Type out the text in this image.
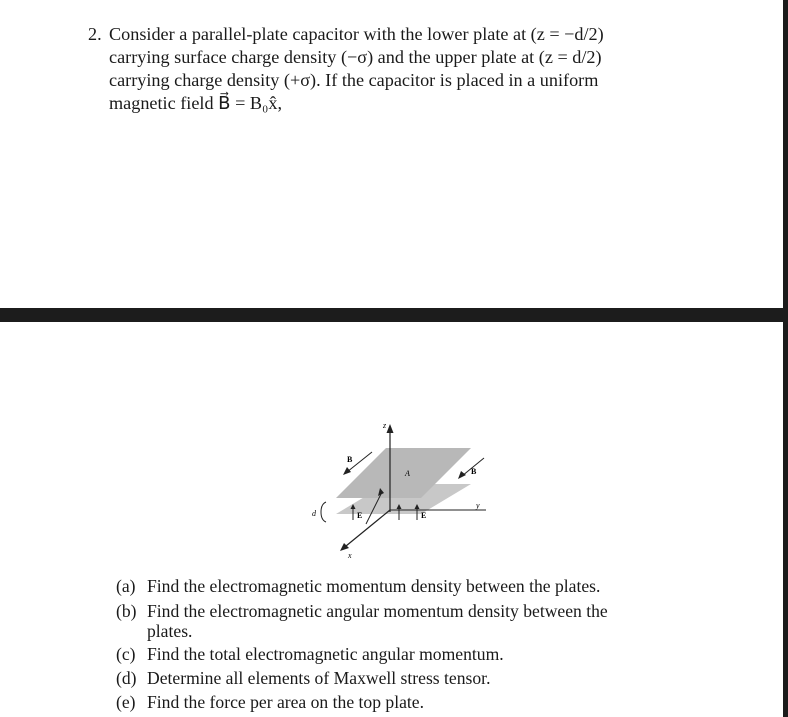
2. Consider a parallel-plate capacitor with the lower plate at (z = −d/2)
carrying surface charge density (−σ) and the upper plate at (z = d/2)
carrying charge density (+σ). If the capacitor is placed in a uniform
magnetic field B⃗ = B₀x̂,
z
y
x
B
B
A
E	E
d
(a) Find the electromagnetic momentum density between the plates.
(b) Find the electromagnetic angular momentum density between the
plates.
(c) Find the total electromagnetic angular momentum.
(d) Determine all elements of Maxwell stress tensor.
(e) Find the force per area on the top plate.
